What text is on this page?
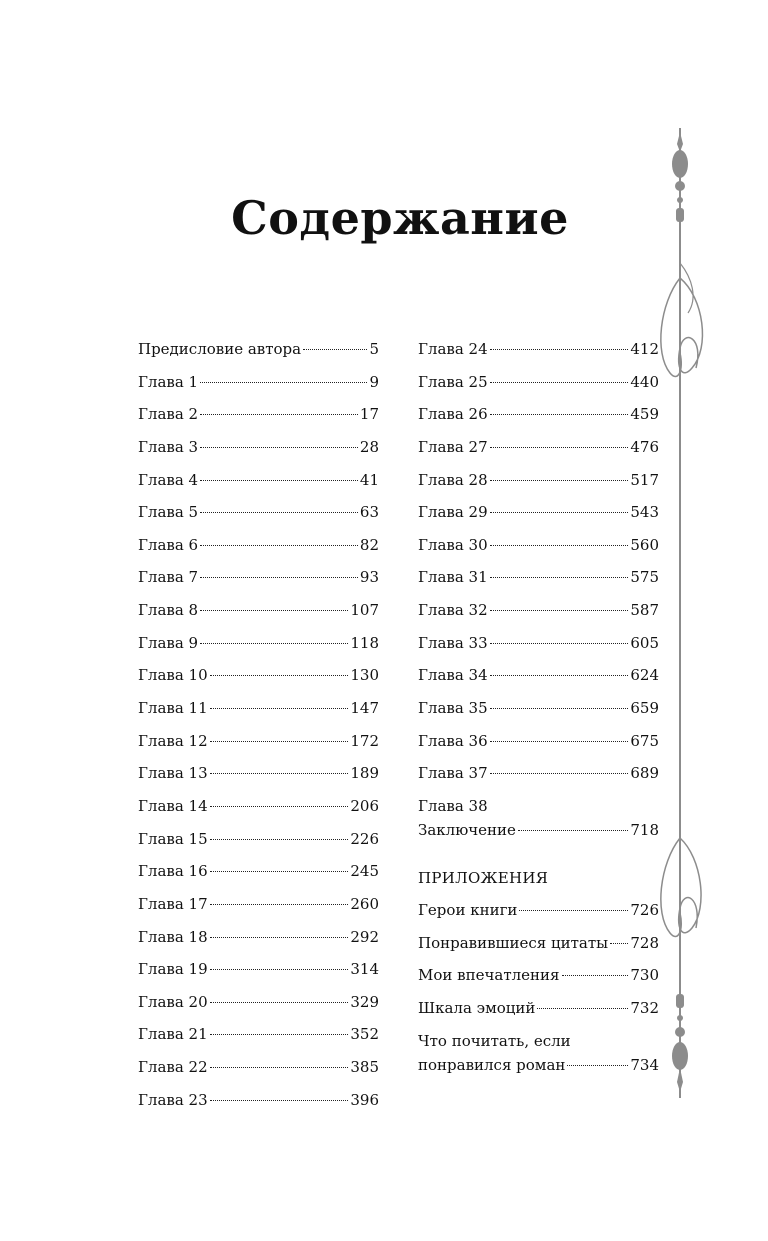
Содержание
Предисловие автора	5
Глава 1	9
Глава 2	17
Глава 3	28
Глава 4	41
Глава 5	63
Глава 6	82
Глава 7	93
Глава 8	107
Глава 9	118
Глава 10	130
Глава 11	147
Глава 12	172
Глава 13	189
Глава 14	206
Глава 15	226
Глава 16	245
Глава 17	260
Глава 18	292
Глава 19	314
Глава 20	329
Глава 21	352
Глава 22	385
Глава 23	396
Глава 24	412
Глава 25	440
Глава 26	459
Глава 27	476
Глава 28	517
Глава 29	543
Глава 30	560
Глава 31	575
Глава 32	587
Глава 33	605
Глава 34	624
Глава 35	659
Глава 36	675
Глава 37	689
Глава 38
Заключение	718
ПРИЛОЖЕНИЯ
Герои книги	726
Понравившиеся цитаты 728
Мои впечатления	730
Шкала эмоций	732
Что почитать, если
понравился роман	734
